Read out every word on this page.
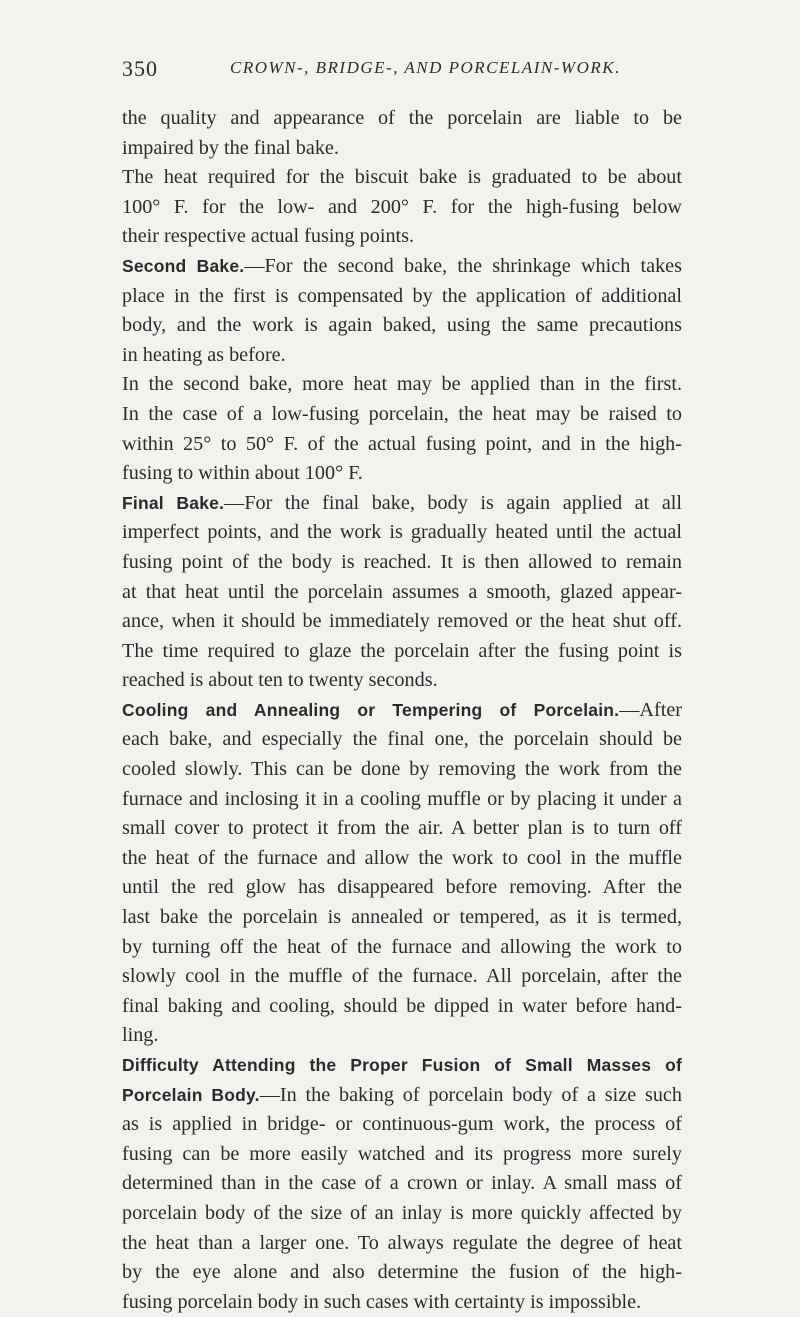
350	CROWN-, BRIDGE-, AND PORCELAIN-WORK.
the quality and appearance of the porcelain are liable to be
impaired by the final bake.
The heat required for the biscuit bake is graduated to be about
100° F. for the low- and 200° F. for the high-fusing below
their respective actual fusing points.
Second Bake.—For the second bake, the shrinkage which takes
place in the first is compensated by the application of additional
body, and the work is again baked, using the same precautions
in heating as before.
In the second bake, more heat may be applied than in the first.
In the case of a low-fusing porcelain, the heat may be raised to
within 25° to 50° F. of the actual fusing point, and in the high-
fusing to within about 100° F.
Final Bake.—For the final bake, body is again applied at all
imperfect points, and the work is gradually heated until the actual
fusing point of the body is reached. It is then allowed to remain
at that heat until the porcelain assumes a smooth, glazed appear-
ance, when it should be immediately removed or the heat shut off.
The time required to glaze the porcelain after the fusing point is
reached is about ten to twenty seconds.
Cooling and Annealing or Tempering of Porcelain.—After
each bake, and especially the final one, the porcelain should be
cooled slowly. This can be done by removing the work from the
furnace and inclosing it in a cooling muffle or by placing it under a
small cover to protect it from the air. A better plan is to turn off
the heat of the furnace and allow the work to cool in the muffle
until the red glow has disappeared before removing. After the
last bake the porcelain is annealed or tempered, as it is termed,
by turning off the heat of the furnace and allowing the work to
slowly cool in the muffle of the furnace. All porcelain, after the
final baking and cooling, should be dipped in water before hand-
ling.
Difficulty Attending the Proper Fusion of Small Masses of
Porcelain Body.—In the baking of porcelain body of a size such
as is applied in bridge- or continuous-gum work, the process of
fusing can be more easily watched and its progress more surely
determined than in the case of a crown or inlay. A small mass of
porcelain body of the size of an inlay is more quickly affected by
the heat than a larger one. To always regulate the degree of heat
by the eye alone and also determine the fusion of the high-
fusing porcelain body in such cases with certainty is impossible.
